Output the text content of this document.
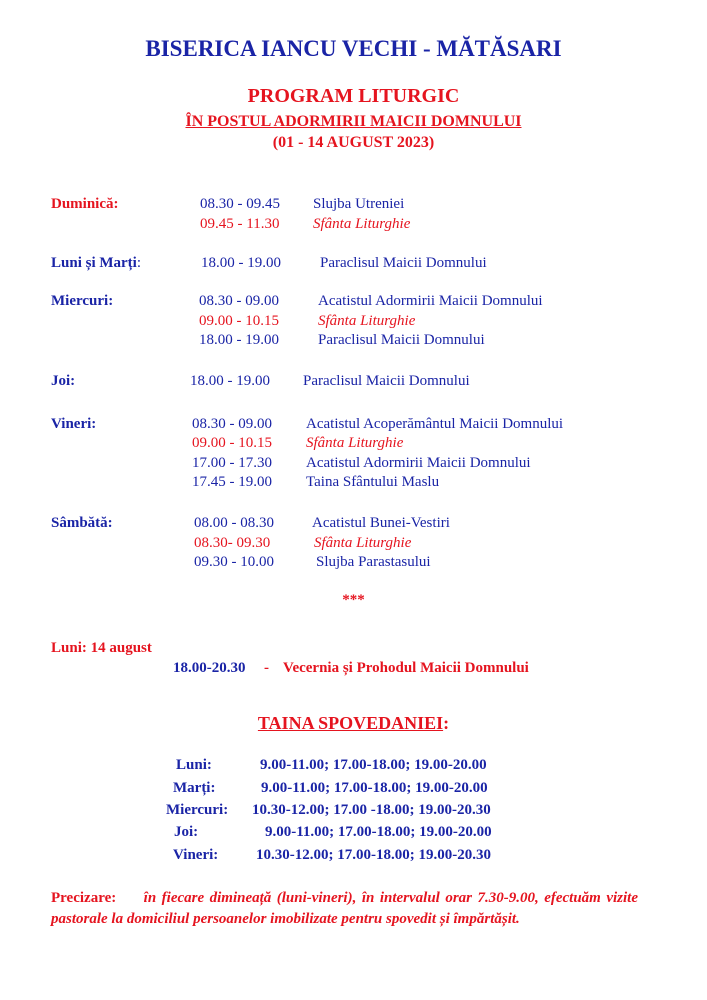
BISERICA IANCU VECHI - MĂTĂSARI
PROGRAM LITURGIC
ÎN POSTUL ADORMIRII MAICII DOMNULUI
(01 - 14 AUGUST 2023)
Duminică:	08.30 - 09.45 Slujba Utreniei
09.45 - 11.30 Sfânta Liturghie
Luni și Marți:	18.00 - 19.00	Paraclisul Maicii Domnului
Miercuri:	08.30 - 09.00	Acatistul Adormirii Maicii Domnului
09.00 - 10.15	Sfânta Liturghie
18.00 - 19.00	Paraclisul Maicii Domnului
Joi:	18.00 - 19.00 Paraclisul Maicii Domnului
Vineri:	08.30 - 09.00 Acatistul Acoperământul Maicii Domnului
09.00 - 10.15 Sfânta Liturghie
17.00 - 17.30 Acatistul Adormirii Maicii Domnului
17.45 - 19.00 Taina Sfântului Maslu
Sâmbătă:	08.00 - 08.30	Acatistul Bunei-Vestiri
08.30- 09.30	Sfânta Liturghie
09.30 - 10.00	Slujba Parastasului
***
Luni: 14 august
18.00-20.30 - Vecernia și Prohodul Maicii Domnului
TAINA SPOVEDANIEI:
Luni:	9.00-11.00; 17.00-18.00; 19.00-20.00
Marți:	9.00-11.00; 17.00-18.00; 19.00-20.00
Miercuri: 10.30-12.00; 17.00 -18.00; 19.00-20.30
Joi:	9.00-11.00; 17.00-18.00; 19.00-20.00
Vineri:	10.30-12.00; 17.00-18.00; 19.00-20.30
Precizare: în fiecare dimineață (luni-vineri), în intervalul orar 7.30-9.00, efectuăm vizite pastorale la domiciliul persoanelor imobilizate pentru spovedit și împărtășit.
